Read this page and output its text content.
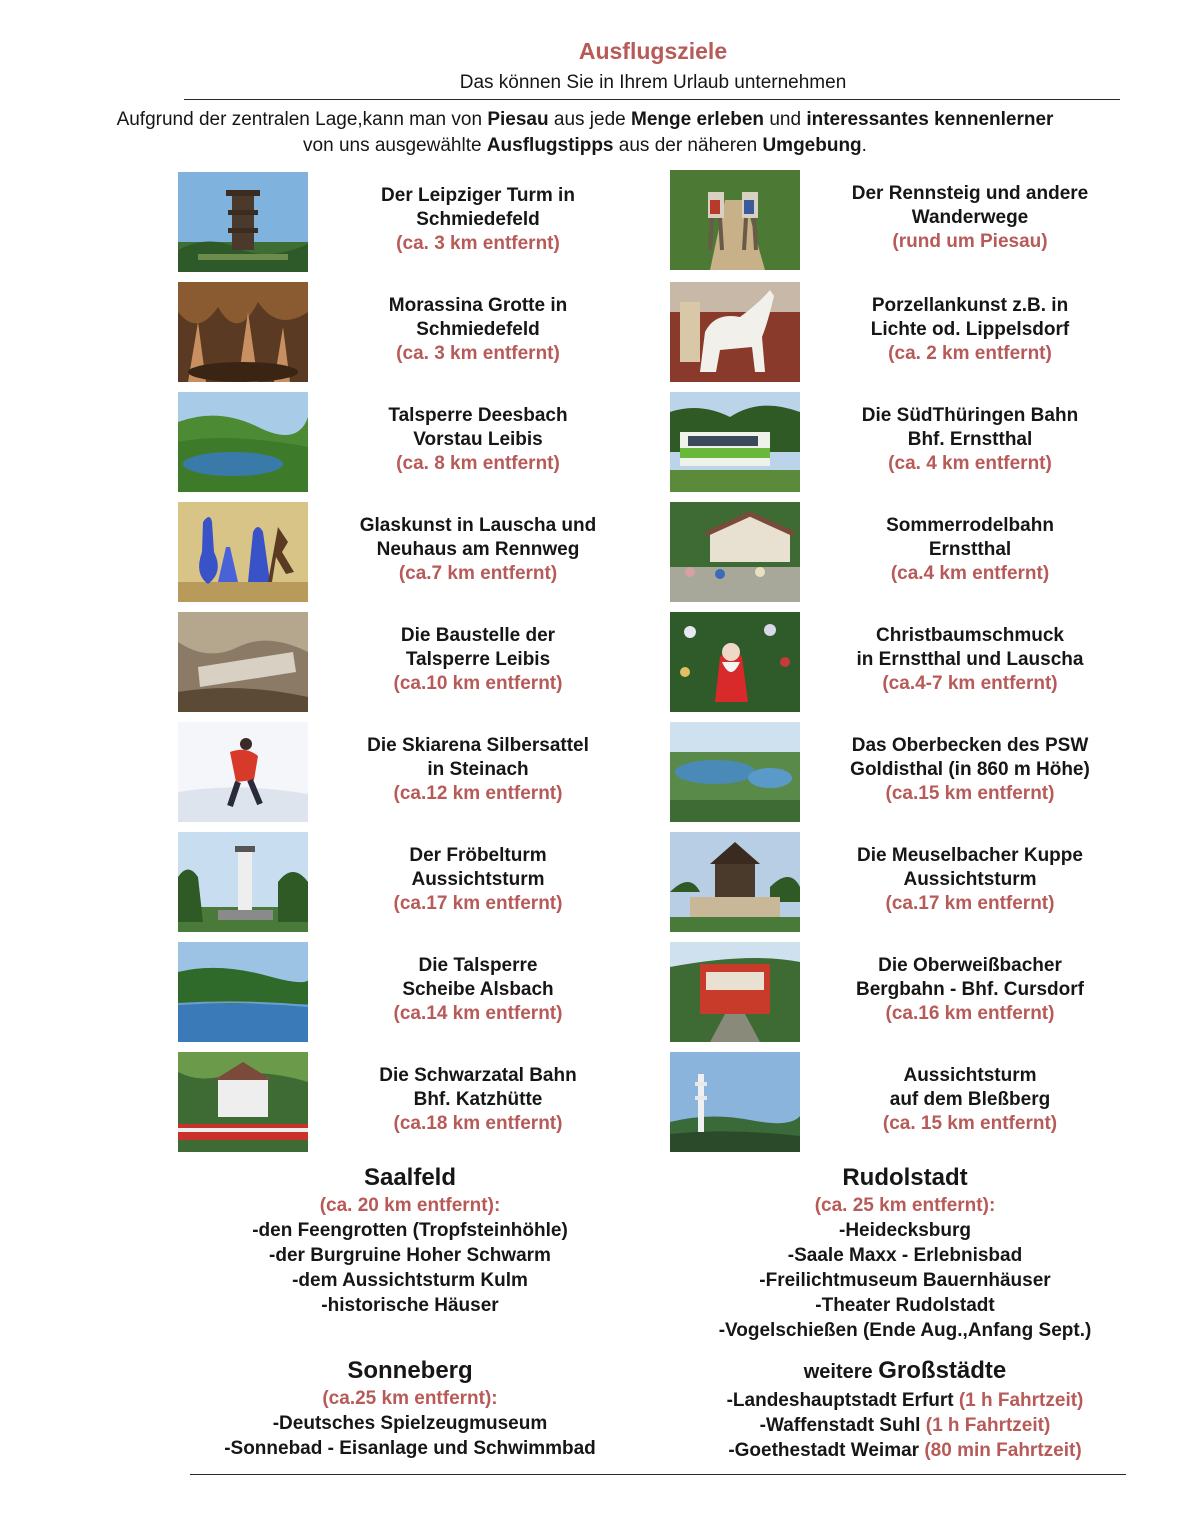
Ausflugsziele
Das können Sie in Ihrem Urlaub unternehmen
Aufgrund der zentralen Lage,kann man von Piesau aus jede Menge erleben und interessantes kennenlerner
von uns ausgewählte Ausflugstipps aus der näheren Umgebung.
Der Leipziger Turm in
Schmiedefeld
(ca. 3 km entfernt)
Morassina Grotte in
Schmiedefeld
(ca. 3 km entfernt)
Talsperre Deesbach
Vorstau Leibis
(ca. 8 km entfernt)
Glaskunst in Lauscha und
Neuhaus am Rennweg
(ca.7 km entfernt)
Die Baustelle der
Talsperre Leibis
(ca.10 km entfernt)
Die Skiarena Silbersattel
in Steinach
(ca.12 km entfernt)
Der Fröbelturm
Aussichtsturm
(ca.17 km entfernt)
Die Talsperre
Scheibe Alsbach
(ca.14 km entfernt)
Die Schwarzatal Bahn
Bhf. Katzhütte
(ca.18 km entfernt)
Der Rennsteig und andere
Wanderwege
(rund um Piesau)
Porzellankunst z.B. in
Lichte od. Lippelsdorf
(ca. 2 km entfernt)
Die SüdThüringen Bahn
Bhf. Ernstthal
(ca. 4 km entfernt)
Sommerrodelbahn
Ernstthal
(ca.4 km entfernt)
Christbaumschmuck
in Ernstthal und Lauscha
(ca.4-7 km entfernt)
Das Oberbecken des PSW
Goldisthal (in 860 m Höhe)
(ca.15 km entfernt)
Die Meuselbacher Kuppe
Aussichtsturm
(ca.17 km entfernt)
Die Oberweißbacher
Bergbahn - Bhf. Cursdorf
(ca.16 km entfernt)
Aussichtsturm
auf dem Bleßberg
(ca. 15 km entfernt)
Saalfeld
(ca. 20 km entfernt):
-den Feengrotten (Tropfsteinhöhle)
-der Burgruine Hoher Schwarm
-dem Aussichtsturm Kulm
-historische Häuser
Rudolstadt
(ca. 25 km entfernt):
-Heidecksburg
-Saale Maxx - Erlebnisbad
-Freilichtmuseum Bauernhäuser
-Theater Rudolstadt
-Vogelschießen (Ende Aug.,Anfang Sept.)
Sonneberg
(ca.25 km entfernt):
-Deutsches Spielzeugmuseum
-Sonnebad - Eisanlage und Schwimmbad
weitere Großstädte
-Landeshauptstadt Erfurt (1 h Fahrtzeit)
-Waffenstadt Suhl (1 h Fahrtzeit)
-Goethestadt Weimar (80 min Fahrtzeit)
